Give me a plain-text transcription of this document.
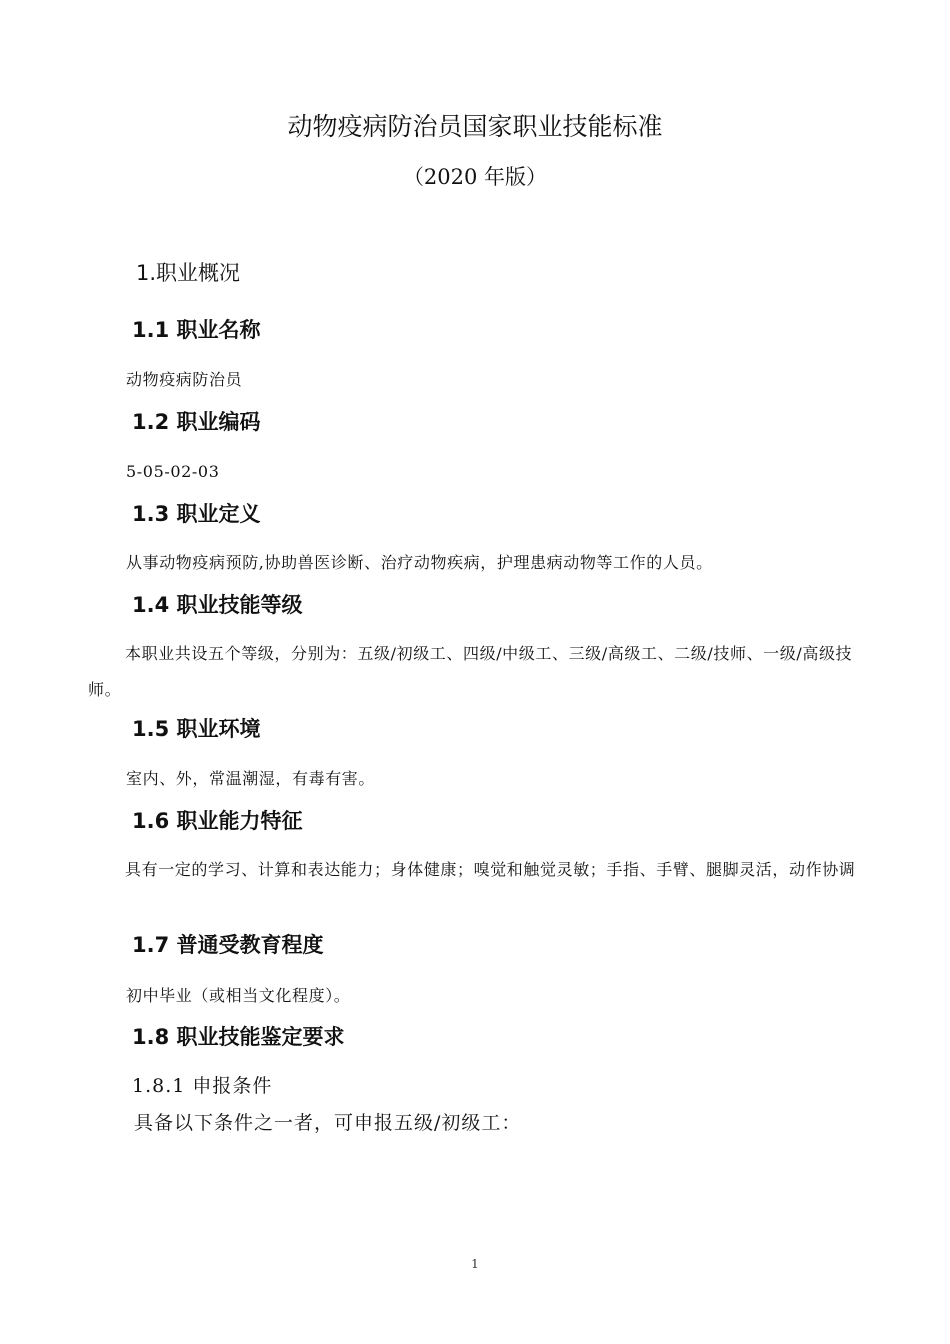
动物疫病防治员国家职业技能标准
（2020 年版）
1.职业概况
1.1 职业名称
动物疫病防治员
1.2 职业编码
5-05-02-03
1.3 职业定义
从事动物疫病预防,协助兽医诊断、治疗动物疾病，护理患病动物等工作的人员。
1.4 职业技能等级
本职业共设五个等级，分别为：五级/初级工、四级/中级工、三级/高级工、二级/技师、一级/高级技师。
1.5 职业环境
室内、外，常温潮湿，有毒有害。
1.6 职业能力特征
具有一定的学习、计算和表达能力；身体健康；嗅觉和触觉灵敏；手指、手臂、腿脚灵活，动作协调
1.7 普通受教育程度
初中毕业（或相当文化程度）。
1.8 职业技能鉴定要求
1.8.1 申报条件
具备以下条件之一者，可申报五级/初级工：
1
